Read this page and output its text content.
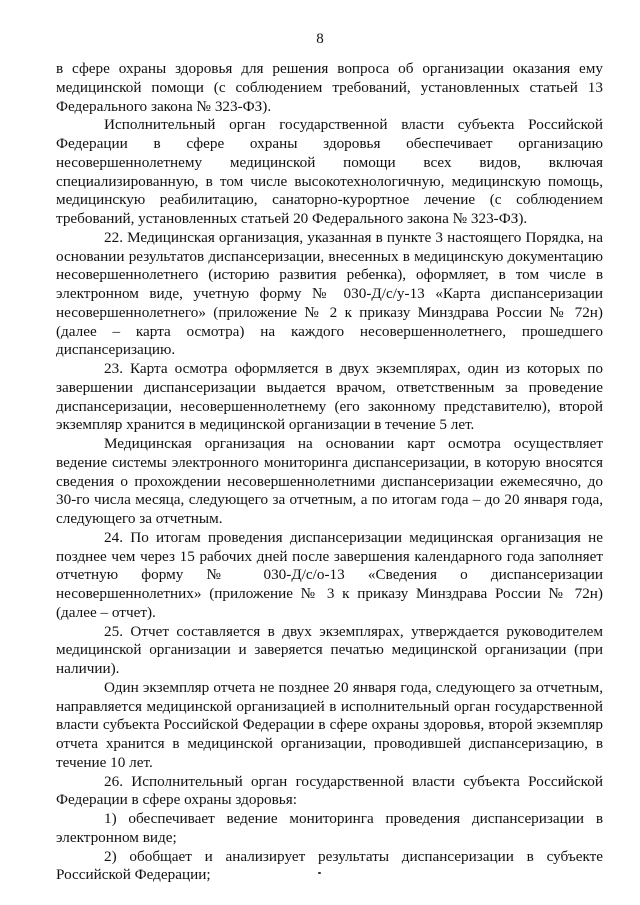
8

в сфере охраны здоровья для решения вопроса об организации оказания ему медицинской помощи (с соблюдением требований, установленных статьей 13 Федерального закона № 323-ФЗ).

Исполнительный орган государственной власти субъекта Российской Федерации в сфере охраны здоровья обеспечивает организацию несовершеннолетнему медицинской помощи всех видов, включая специализированную, в том числе высокотехнологичную, медицинскую помощь, медицинскую реабилитацию, санаторно-курортное лечение (с соблюдением требований, установленных статьей 20 Федерального закона № 323-ФЗ).

22. Медицинская организация, указанная в пункте 3 настоящего Порядка, на основании результатов диспансеризации, внесенных в медицинскую документацию несовершеннолетнего (историю развития ребенка), оформляет, в том числе в электронном виде, учетную форму № 030-Д/с/у-13 «Карта диспансеризации несовершеннолетнего» (приложение № 2 к приказу Минздрава России № 72н) (далее – карта осмотра) на каждого несовершеннолетнего, прошедшего диспансеризацию.

23. Карта осмотра оформляется в двух экземплярах, один из которых по завершении диспансеризации выдается врачом, ответственным за проведение диспансеризации, несовершеннолетнему (его законному представителю), второй экземпляр хранится в медицинской организации в течение 5 лет.

Медицинская организация на основании карт осмотра осуществляет ведение системы электронного мониторинга диспансеризации, в которую вносятся сведения о прохождении несовершеннолетними диспансеризации ежемесячно, до 30-го числа месяца, следующего за отчетным, а по итогам года – до 20 января года, следующего за отчетным.

24. По итогам проведения диспансеризации медицинская организация не позднее чем через 15 рабочих дней после завершения календарного года заполняет отчетную форму № 030-Д/с/о-13 «Сведения о диспансеризации несовершеннолетних» (приложение № 3 к приказу Минздрава России № 72н) (далее – отчет).

25. Отчет составляется в двух экземплярах, утверждается руководителем медицинской организации и заверяется печатью медицинской организации (при наличии).

Один экземпляр отчета не позднее 20 января года, следующего за отчетным, направляется медицинской организацией в исполнительный орган государственной власти субъекта Российской Федерации в сфере охраны здоровья, второй экземпляр отчета хранится в медицинской организации, проводившей диспансеризацию, в течение 10 лет.

26. Исполнительный орган государственной власти субъекта Российской Федерации в сфере охраны здоровья:

1) обеспечивает ведение мониторинга проведения диспансеризации в электронном виде;

2) обобщает и анализирует результаты диспансеризации в субъекте Российской Федерации;
